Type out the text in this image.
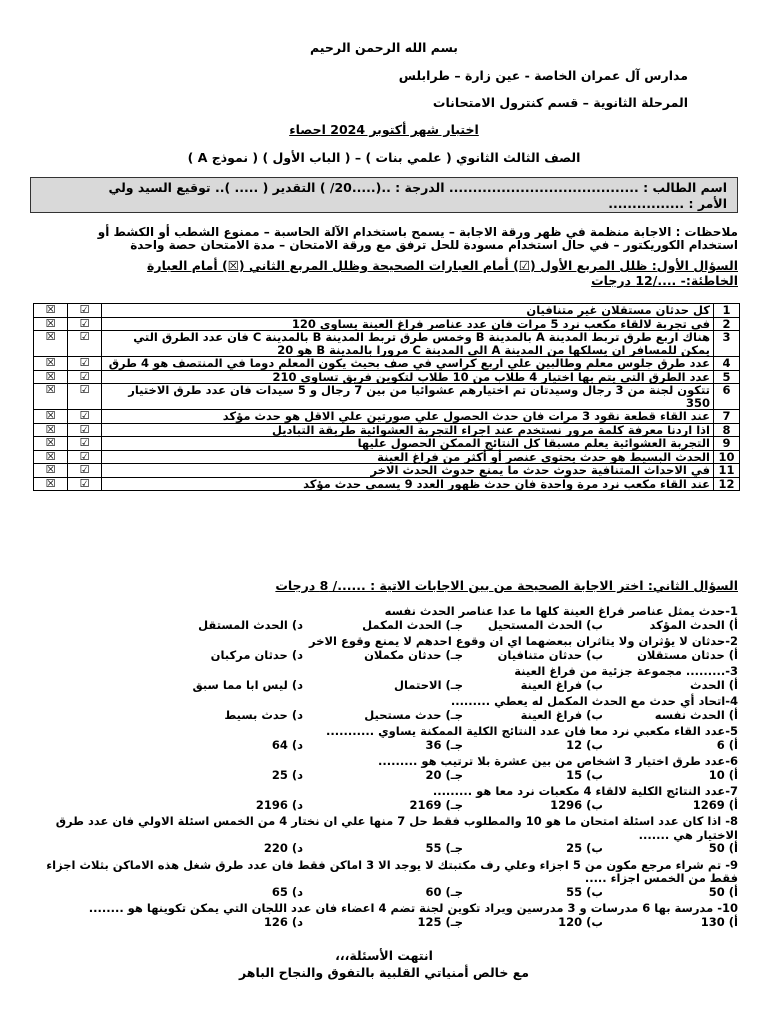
بسم الله الرحمن الرحيم
مدارس آل عمران الخاصة - عين زارة – طرابلس
المرحلة الثانوية – قسم كنترول الامتحانات
اختبار شهر أكتوبر 2024 احصاء
الصف الثالث الثانوي ( علمي بنات ) – ( الباب الأول ) ( نموذج A )
اسم الطالب : ........................................ الدرجة : ..(.....20/ ) التقدير ( ..... ).. توقيع السيد ولي
الأمر : ................
ملاحظات : الاجابة منظمة في ظهر ورقة الاجابة – يسمح باستخدام الآلة الحاسبة – ممنوع الشطب أو الكشط أو
استخدام الكوريكتور – في حال استخدام مسودة للحل ترفق مع ورقة الامتحان – مدة الامتحان حصة واحدة
السؤال الأول: ظلل المربع الأول (☑) أمام العبارات الصحيحة وظلل المربع الثاني (☒) أمام العبارة
الخاطئة:- ..../12 درجات
1	كل حدثان مستقلان غير متنافيان	☑	☒
2	في تجربة لالقاء مكعب نرد 5 مرات فان عدد عناصر فراغ العينة يساوي 120	☑	☒
3	هناك اربع طرق تربط المدينة A بالمدينة B وخمس طرق تربط المدينة B بالمدينة C فان عدد الطرق التي يمكن للمسافر ان يسلكها من المدينة A الي المدينة C مرورا بالمدينة B هو 20	☑	☒
4	عدد طرق جلوس معلم وطالبين علي اربع كراسي في صف بحيث يكون المعلم دوما في المنتصف هو 4 طرق	☑	☒
5	عدد الطرق التي يتم بها اختيار 4 طلاب من 10 طلاب لتكوين فريق تساوي 210	☑	☒
6	تتكون لجنة من 3 رجال وسيدتان تم اختيارهم عشوائيا من بين 7 رجال و 5 سيدات فان عدد طرق الاختيار 350	☑	☒
7	عند القاء قطعة نقود 3 مرات فان حدث الحصول علي صورتين علي الاقل هو حدث مؤكد	☑	☒
8	اذا اردنا معرفة كلمة مرور نستخدم عند اجراء التجربة العشوائية طريقة التباديل	☑	☒
9	التجربة العشوائية يعلم مسبقا كل النتائج الممكن الحصول عليها	☑	☒
10	الحدث البسيط هو حدث يحتوي عنصر أو أكثر من فراغ العينة	☑	☒
11	في الاحداث المتنافية حدوث حدث ما يمنع حدوث الحدث الاخر	☑	☒
12	عند القاء مكعب نرد مرة واحدة فان حدث ظهور العدد 9 يسمي حدث مؤكد	☑	☒
السؤال الثاني: اختر الاجابة الصحيحة من بين الاجابات الاتية : ....../ 8 درجات
1-حدث يمثل عناصر فراغ العينة كلها ما عدا عناصر الحدث نفسه
أ) الحدث المؤكد
ب) الحدث المستحيل
جـ) الحدث المكمل
د) الحدث المستقل
2-حدثان لا يؤثران ولا يتاثران ببعضهما اي ان وقوع احدهم لا يمنع وقوع الاخر
أ) حدثان مستقلان
ب) حدثان متنافيان
جـ) حدثان مكملان
د) حدثان مركبان
3-......... مجموعة جزئية من فراغ العينة
أ) الحدث
ب) فراغ العينة
جـ) الاحتمال
د) ليس ابا مما سبق
4-اتحاد أي حدث مع الحدث المكمل له يعطي .........
أ) الحدث نفسه
ب) فراغ العينة
جـ) حدث مستحيل
د) حدث بسيط
5-عدد القاء مكعبي نرد معا فان عدد النتائج الكلية الممكنة يساوي ...........
أ) 6
ب) 12
جـ) 36
د) 64
6-عدد طرق اختيار 3 اشخاص من بين عشرة بلا ترتيب هو .........
أ) 10
ب) 15
جـ) 20
د) 25
7-عدد النتائج الكلية لالقاء 4 مكعبات نرد معا هو .........
أ) 1269
ب) 1296
جـ) 2169
د) 2196
8- اذا كان عدد اسئلة امتحان ما هو 10 والمطلوب فقط حل 7 منها علي ان نختار 4 من الخمس اسئلة الاولي فان عدد طرق الاختيار هي .......
أ) 50
ب) 25
جـ) 55
د) 220
9- تم شراء مرجع مكون من 5 اجزاء وعلي رف مكتبتك لا يوجد الا 3 اماكن فقط فان عدد طرق شغل هذه الاماكن بثلاث اجزاء فقط من الخمس اجزاء .....
أ) 50
ب) 55
جـ) 60
د) 65
10- مدرسة بها 6 مدرسات و 3 مدرسين ويراد تكوين لجنة تضم 4 اعضاء فان عدد اللجان التي يمكن تكوينها هو ........
أ) 130
ب) 120
جـ) 125
د) 126
انتهت الأسئلة،،،
مع خالص أمنياتي القلبية بالتفوق والنجاح الباهر
